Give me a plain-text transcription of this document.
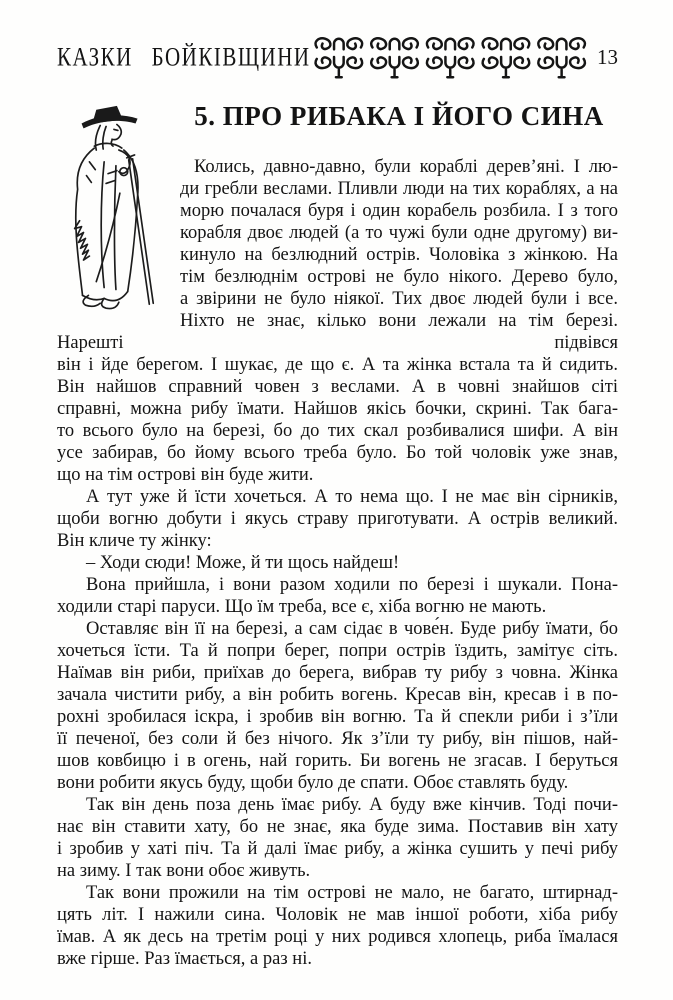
КАЗКИ БОЙКІВЩИНИ	13
5. ПРО РИБАКА І ЙОГО СИНА
Колись, давно-давно, були кораблі дерев’яні. І лю-
ди гребли веслами. Пливли люди на тих кораблях, а на
морю почалася буря і один корабель розбила. І з того
корабля двоє людей (а то чужі були одне другому) ви-
кинуло на безлюдний острів. Чоловіка з жінкою. На
тім безлюднім острові не було нікого. Дерево було,
а звірини не було ніякої. Тих двоє людей були і все.
Ніхто не знає, кілько вони лежали на тім березі. Нарешті підвівся
він і йде берегом. І шукає, де що є. А та жінка встала та й сидить.
Він найшов справний човен з веслами. А в човні знайшов сіті
справні, можна рибу їмати. Найшов якісь бочки, скрині. Так бага-
то всього було на березі, бо до тих скал розбивалися шифи. А він
усе забирав, бо йому всього треба було. Бо той чоловік уже знав,
що на тім острові він буде жити.
А тут уже й їсти хочеться. А то нема що. І не має він сірників,
щоби вогню добути і якусь страву приготувати. А острів великий.
Він кличе ту жінку:
– Ходи сюди! Може, й ти щось найдеш!
Вона прийшла, і вони разом ходили по березі і шукали. Пона-
ходили старі паруси. Що їм треба, все є, хіба вогню не мають.
Оставляє він її на березі, а сам сідає в чове́н. Буде рибу їмати, бо
хочеться їсти. Та й попри берег, попри острів їздить, замітує сіть.
Наїмав він риби, приїхав до берега, вибрав ту рибу з човна. Жінка
зачала чистити рибу, а він робить вогень. Кресав він, кресав і в по-
рохні зробилася іскра, і зробив він вогню. Та й спекли риби і з’їли
її печеної, без соли й без нічого. Як з’їли ту рибу, він пішов, най-
шов ковбицю і в огень, най горить. Би вогень не згасав. І беруться
вони робити якусь буду, щоби було де спати. Обоє ставлять буду.
Так він день поза день їмає рибу. А буду вже кінчив. Тоді почи-
нає він ставити хату, бо не знає, яка буде зима. Поставив він хату
і зробив у хаті піч. Та й далі їмає рибу, а жінка сушить у печі рибу
на зиму. І так вони обоє живуть.
Так вони прожили на тім острові не мало, не багато, штирнад-
цять літ. І нажили сина. Чоловік не мав іншої роботи, хіба рибу
їмав. А як десь на третім році у них родився хлопець, риба їмалася
вже гірше. Раз їмається, а раз ні.
